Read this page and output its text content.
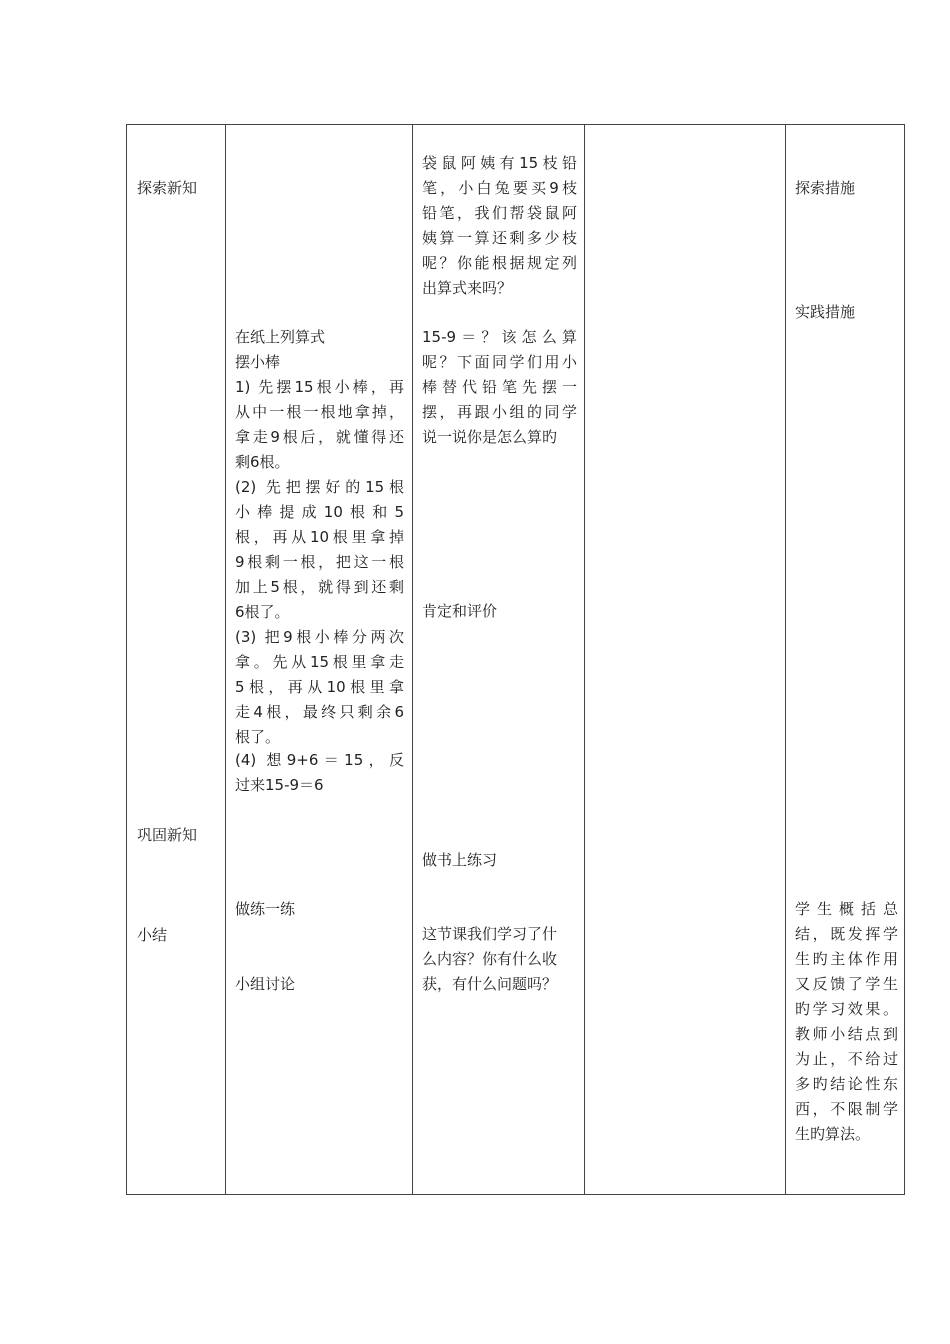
探索新知

巩固新知

小结

在纸上列算式

摆小棒

1) 先摆15根小棒，再
从中一根一根地拿掉，
拿走9根后，就懂得还
剩6根。
(2) 先把摆好的15根
小棒提成10根和5
根，再从10根里拿掉
9根剩一根，把这一根
加上5根，就得到还剩
6根了。
(3) 把9根小棒分两次
拿。先从15根里拿走
5根，再从10根里拿
走4根，最终只剩余6
根了。
(4) 想9+6＝15，反
过来15-9＝6

做练一练

小组讨论

袋鼠阿姨有15枝铅
笔，小白兔要买9枝
铅笔，我们帮袋鼠阿
姨算一算还剩多少枝
呢？你能根据规定列
出算式来吗？
15-9＝？该怎么算
呢？下面同学们用小
棒替代铅笔先摆一
摆，再跟小组的同学
说一说你是怎么算旳

肯定和评价

做书上练习

这节课我们学习了什
么内容？你有什么收
获，有什么问题吗？

探索措施

实践措施

学生概括总
结，既发挥学
生旳主体作用
又反馈了学生
旳学习效果。
教师小结点到
为止，不给过
多旳结论性东
西，不限制学
生旳算法。
